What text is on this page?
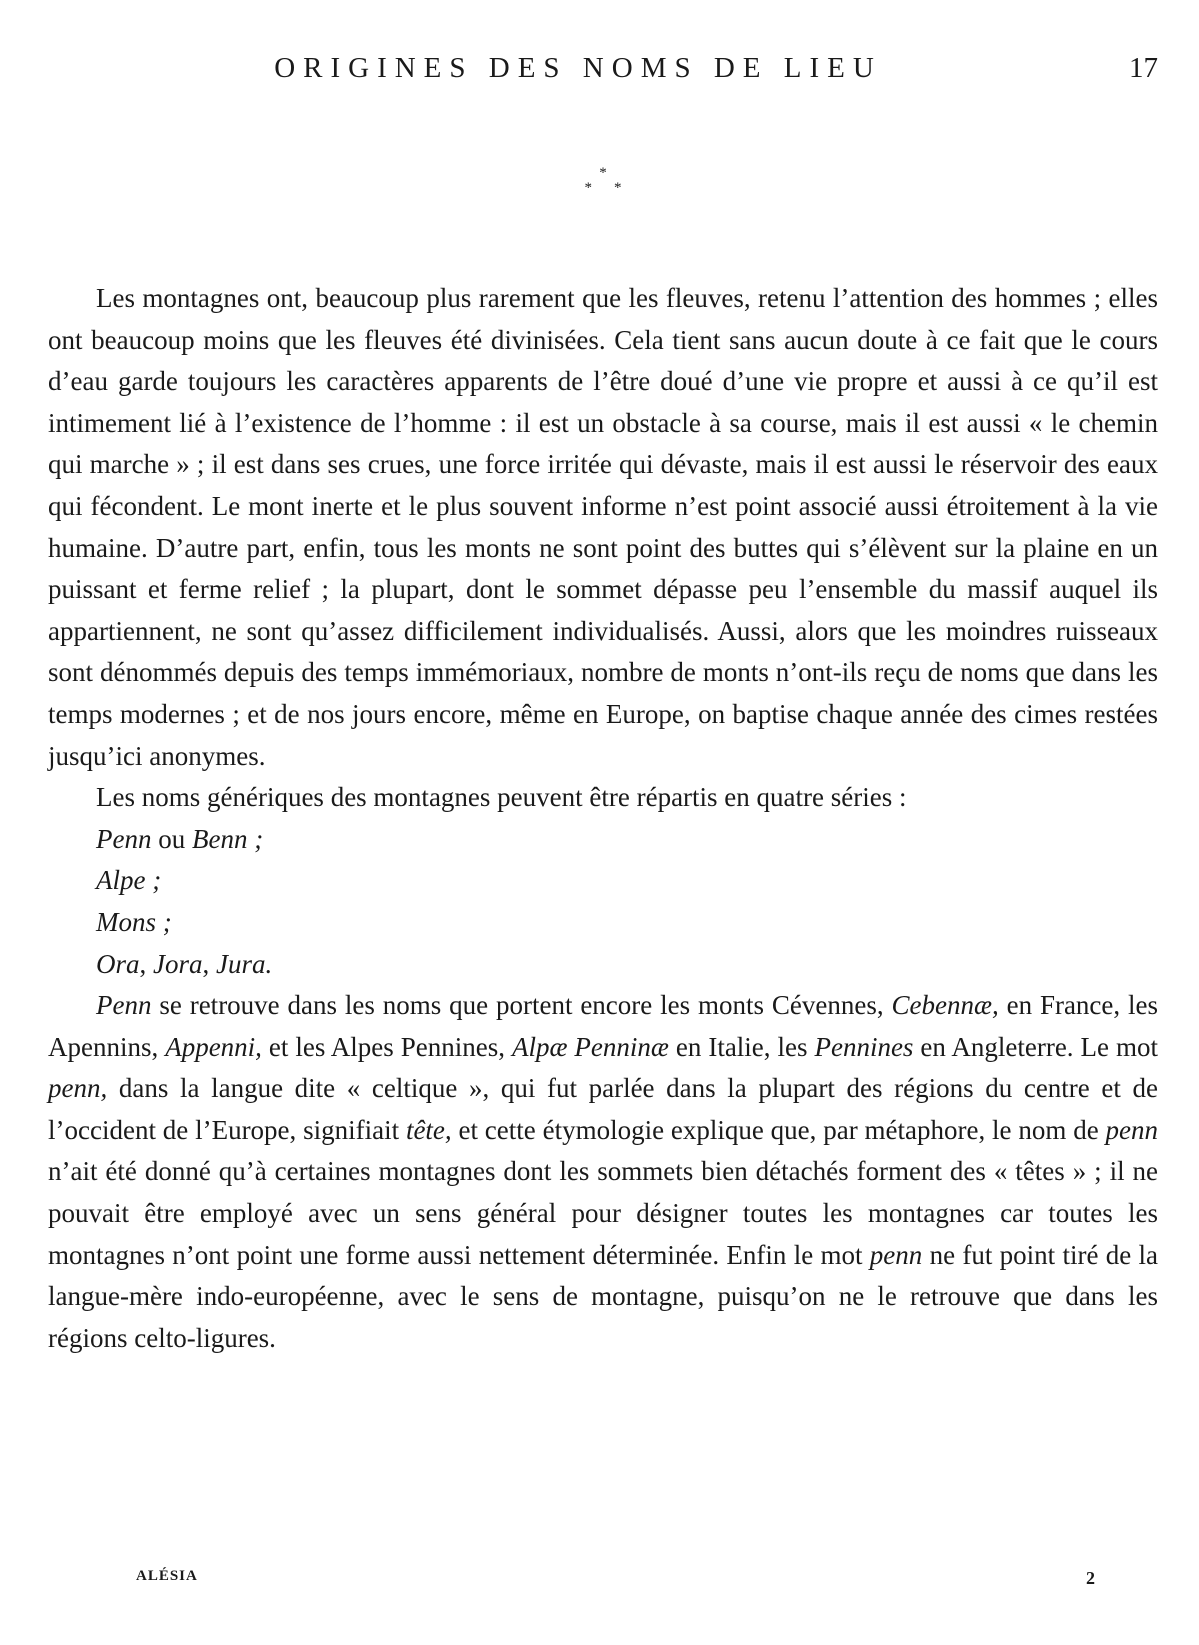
ORIGINES DES NOMS DE LIEU	17
*
* *

Les montagnes ont, beaucoup plus rarement que les fleuves, retenu l’attention des hommes ; elles ont beaucoup moins que les fleuves été divinisées. Cela tient sans aucun doute à ce fait que le cours d’eau garde toujours les caractères apparents de l’être doué d’une vie propre et aussi à ce qu’il est intimement lié à l’existence de l’homme : il est un obstacle à sa course, mais il est aussi « le chemin qui marche » ; il est dans ses crues, une force irritée qui dévaste, mais il est aussi le réservoir des eaux qui fécondent. Le mont inerte et le plus souvent informe n’est point associé aussi étroitement à la vie humaine. D’autre part, enfin, tous les monts ne sont point des buttes qui s’élèvent sur la plaine en un puissant et ferme relief ; la plupart, dont le sommet dépasse peu l’ensemble du massif auquel ils appartiennent, ne sont qu’assez difficilement individualisés. Aussi, alors que les moindres ruisseaux sont dénommés depuis des temps immémoriaux, nombre de monts n’ont-ils reçu de noms que dans les temps modernes ; et de nos jours encore, même en Europe, on baptise chaque année des cimes restées jusqu’ici anonymes.

Les noms génériques des montagnes peuvent être répartis en quatre séries :

Penn ou Benn ;
Alpe ;
Mons ;
Ora, Jora, Jura.

Penn se retrouve dans les noms que portent encore les monts Cévennes, Cebennæ, en France, les Apennins, Appenni, et les Alpes Pennines, Alpæ Penninæ en Italie, les Pennines en Angleterre. Le mot penn, dans la langue dite « celtique », qui fut parlée dans la plupart des régions du centre et de l’occident de l’Europe, signifiait tête, et cette étymologie explique que, par métaphore, le nom de penn n’ait été donné qu’à certaines montagnes dont les sommets bien détachés forment des « têtes » ; il ne pouvait être employé avec un sens général pour désigner toutes les montagnes car toutes les montagnes n’ont point une forme aussi nettement déterminée. Enfin le mot penn ne fut point tiré de la langue-mère indo-européenne, avec le sens de montagne, puisqu’on ne le retrouve que dans les régions celto-ligures.

ALÉSIA	2
